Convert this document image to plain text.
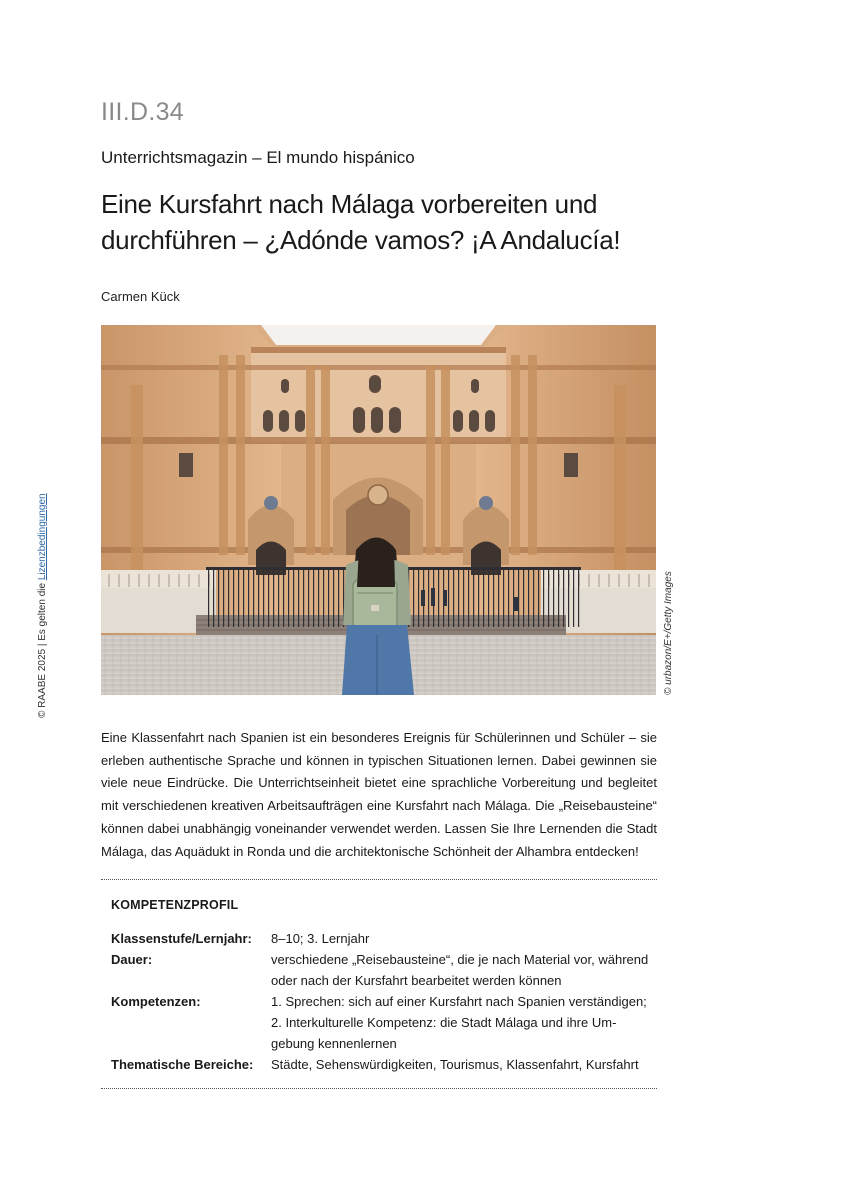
III.D.34
Unterrichtsmagazin – El mundo hispánico
Eine Kursfahrt nach Málaga vorbereiten und
durchführen – ¿Adónde vamos? ¡A Andalucía!
Carmen Kück
© urbazon/E+/Getty Images
© RAABE 2025 | Es gelten die Lizenzbedingungen

Eine Klassenfahrt nach Spanien ist ein besonderes Ereignis für Schülerinnen und Schüler – sie erleben authentische Sprache und können in typischen Situationen lernen. Dabei gewinnen sie viele neue Eindrücke. Die Unterrichtseinheit bietet eine sprachliche Vorbereitung und begleitet mit verschiedenen kreativen Arbeitsaufträgen eine Kursfahrt nach Málaga. Die „Reisebausteine“ können dabei unabhängig voneinander verwendet werden. Lassen Sie Ihre Lernenden die Stadt Málaga, das Aquädukt in Ronda und die architektonische Schönheit der Alhambra entdecken!

KOMPETENZPROFIL
Klassenstufe/Lernjahr:	8–10; 3. Lernjahr
Dauer:	verschiedene „Reisebausteine“, die je nach Material vor, während
oder nach der Kursfahrt bearbeitet werden können
Kompetenzen:	1. Sprechen: sich auf einer Kursfahrt nach Spanien verständigen;
2. Interkulturelle Kompetenz: die Stadt Málaga und ihre Um-
gebung kennenlernen
Thematische Bereiche:	Städte, Sehenswürdigkeiten, Tourismus, Klassenfahrt, Kursfahrt
